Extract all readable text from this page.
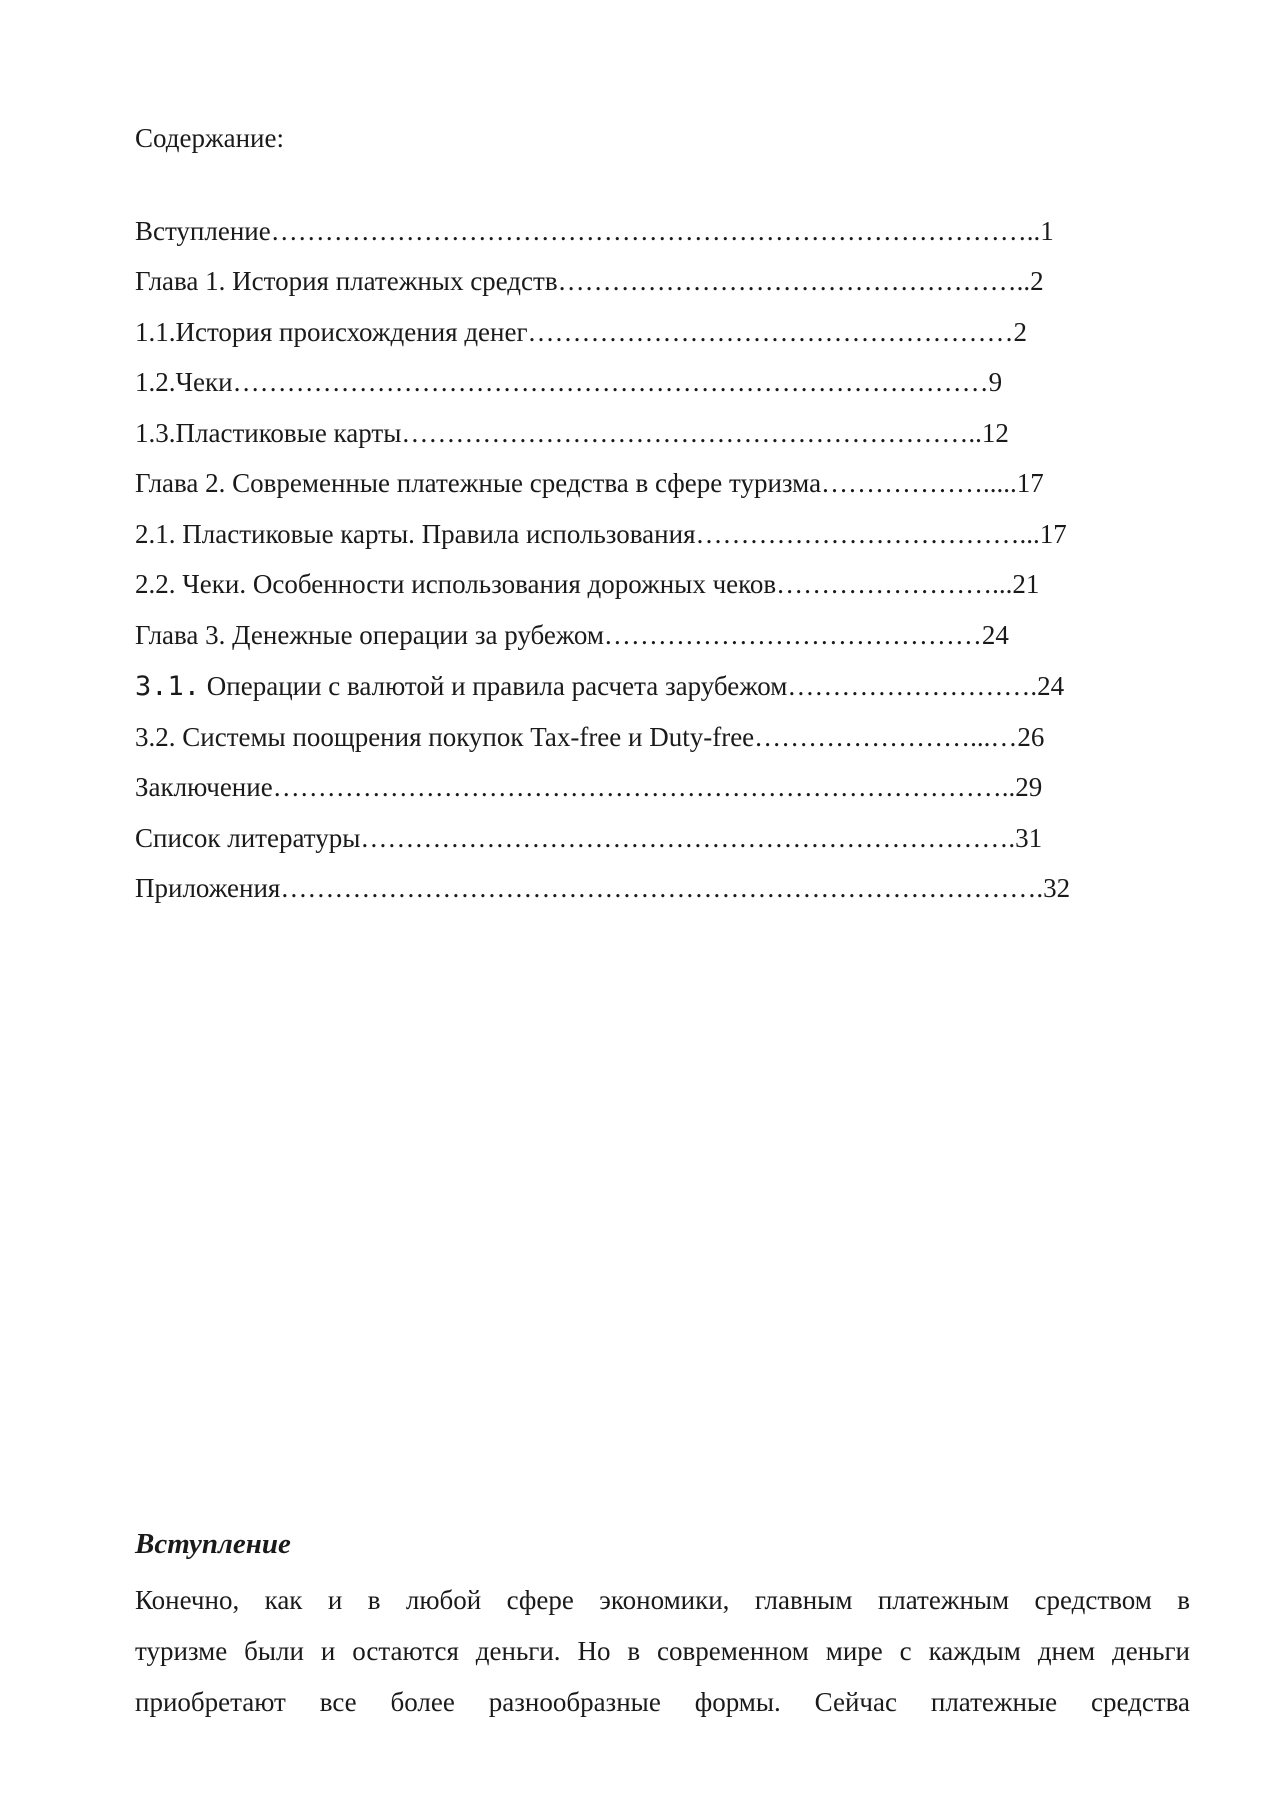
Содержание:
Вступление…………………………………………………………………………..1
Глава 1. История платежных средств……………………………………………..2
1.1.История происхождения денег………………………………………………2
1.2.Чеки…………………………………………………………………………9
1.3.Пластиковые карты………………………………………………………..12
Глава 2. Современные платежные средства в сфере туризма……………….....17
2.1. Пластиковые карты. Правила использования………………………………...17
2.2. Чеки. Особенности использования дорожных чеков……………………...21
Глава 3. Денежные операции за рубежом……………………………………24
3.1. Операции с валютой и правила расчета зарубежом……………………….24
3.2. Системы поощрения покупок Tax-free и Duty-free……………………...…26
Заключение………………………………………………………………………..29
Список литературы……………………………………………………………….31
Приложения………………………………………………………………………….32
Вступление
Конечно, как и в любой сфере экономики, главным платежным средством в
туризме были и остаются деньги. Но в современном мире с каждым днем деньги
приобретают все более разнообразные формы. Сейчас платежные средства
